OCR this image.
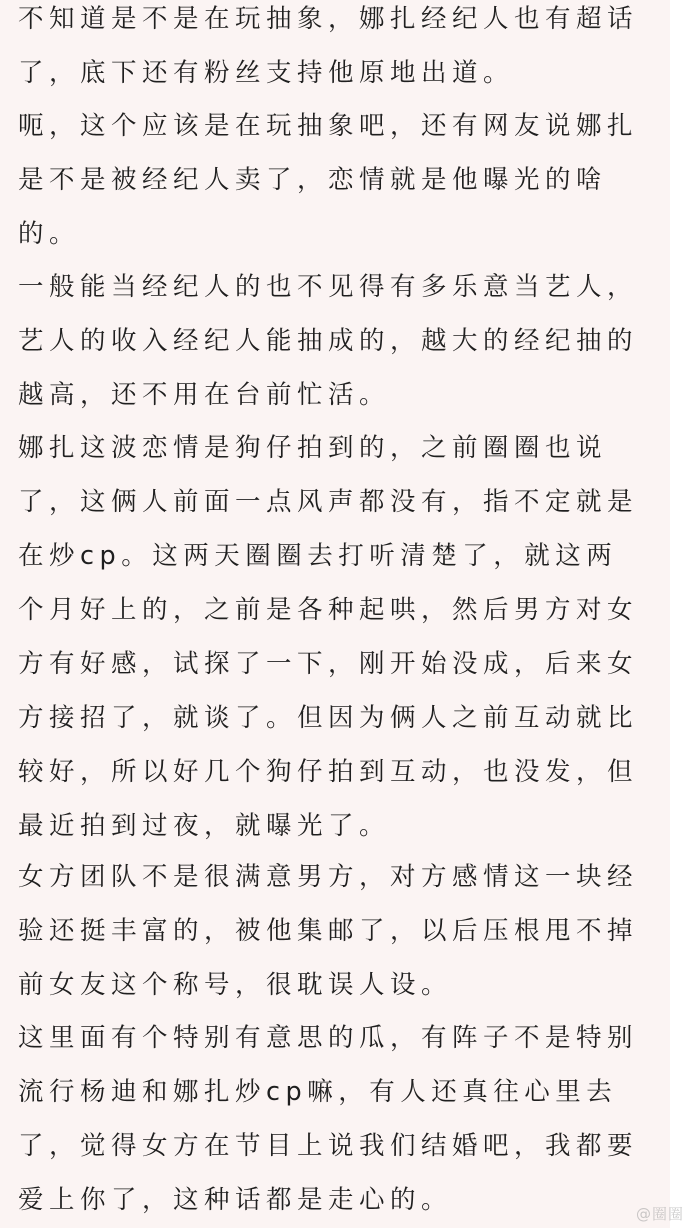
不知道是不是在玩抽象，娜扎经纪人也有超话了，底下还有粉丝支持他原地出道。

呃，这个应该是在玩抽象吧，还有网友说娜扎是不是被经纪人卖了，恋情就是他曝光的啥的。

一般能当经纪人的也不见得有多乐意当艺人，艺人的收入经纪人能抽成的，越大的经纪抽的越高，还不用在台前忙活。

娜扎这波恋情是狗仔拍到的，之前圈圈也说了，这俩人前面一点风声都没有，指不定就是在炒cp。这两天圈圈去打听清楚了，就这两个月好上的，之前是各种起哄，然后男方对女方有好感，试探了一下，刚开始没成，后来女方接招了，就谈了。但因为俩人之前互动就比较好，所以好几个狗仔拍到互动，也没发，但最近拍到过夜，就曝光了。

女方团队不是很满意男方，对方感情这一块经验还挺丰富的，被他集邮了，以后压根甩不掉前女友这个称号，很耽误人设。

这里面有个特别有意思的瓜，有阵子不是特别流行杨迪和娜扎炒cp嘛，有人还真往心里去了，觉得女方在节目上说我们结婚吧，我都要爱上你了，这种话都是走心的。	@圈圈
